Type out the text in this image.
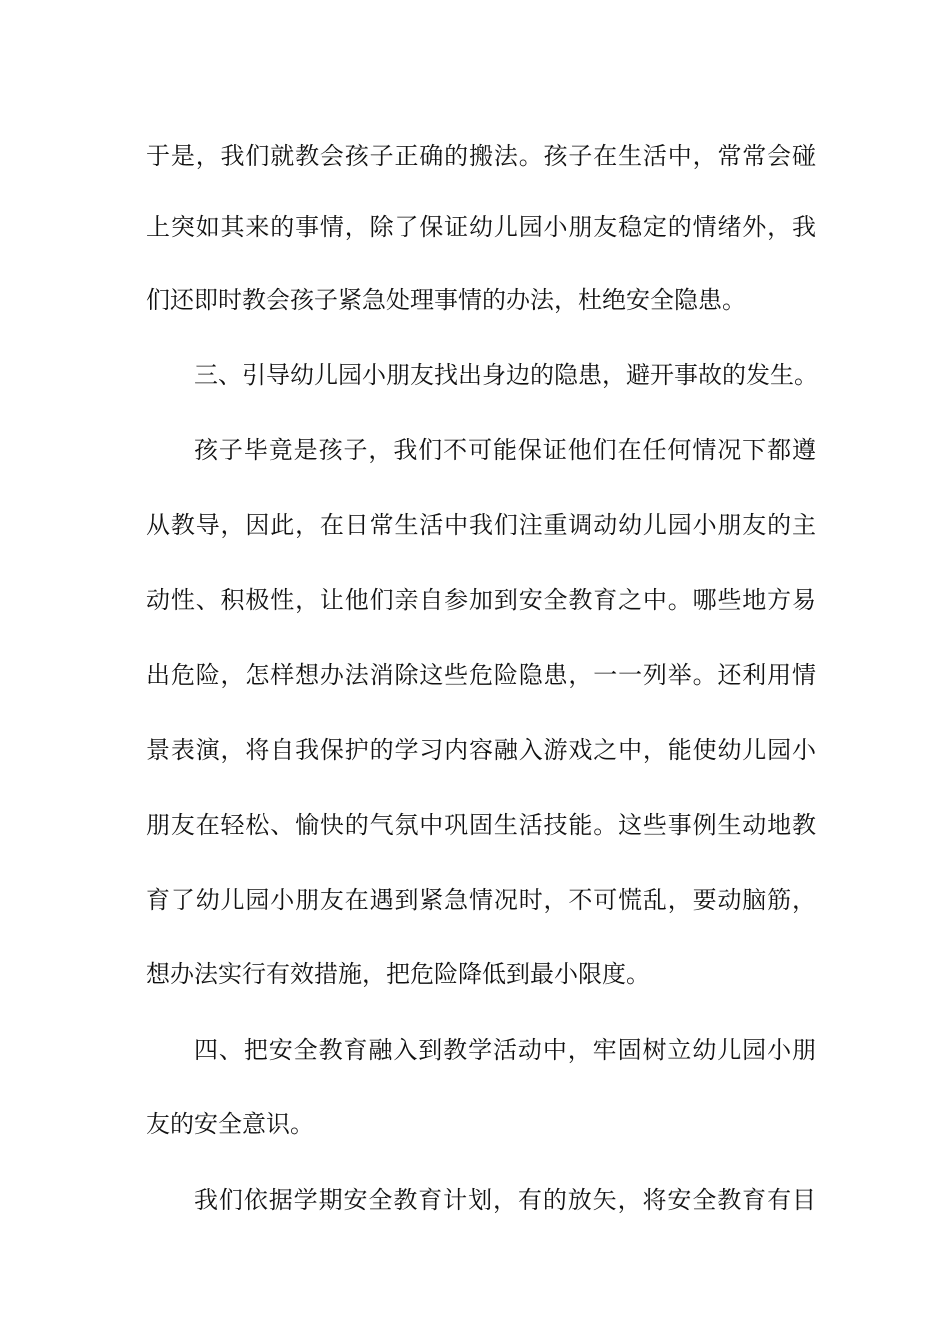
于是，我们就教会孩子正确的搬法。孩子在生活中，常常会碰
上突如其来的事情，除了保证幼儿园小朋友稳定的情绪外，我
们还即时教会孩子紧急处理事情的办法，杜绝安全隐患。
三、引导幼儿园小朋友找出身边的隐患，避开事故的发生。
孩子毕竟是孩子，我们不可能保证他们在任何情况下都遵
从教导，因此，在日常生活中我们注重调动幼儿园小朋友的主
动性、积极性，让他们亲自参加到安全教育之中。哪些地方易
出危险，怎样想办法消除这些危险隐患，一一列举。还利用情
景表演，将自我保护的学习内容融入游戏之中，能使幼儿园小
朋友在轻松、愉快的气氛中巩固生活技能。这些事例生动地教
育了幼儿园小朋友在遇到紧急情况时，不可慌乱，要动脑筋，
想办法实行有效措施，把危险降低到最小限度。
四、把安全教育融入到教学活动中，牢固树立幼儿园小朋
友的安全意识。
我们依据学期安全教育计划，有的放矢，将安全教育有目
